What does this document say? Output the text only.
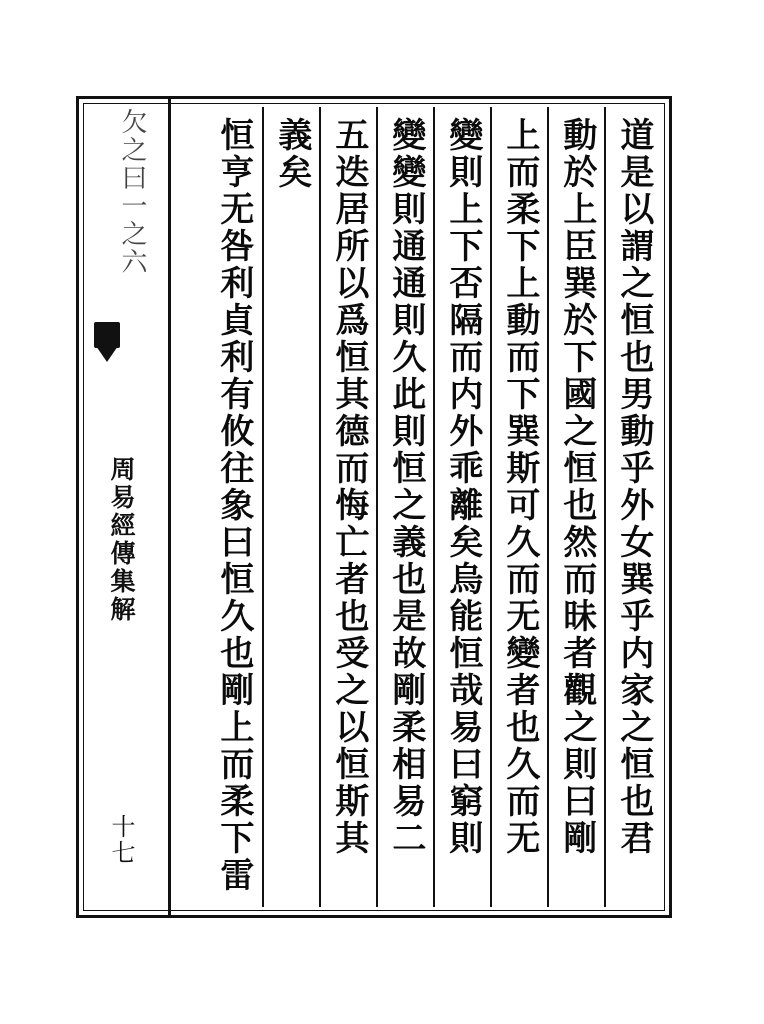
道是以謂之恒也男動乎外女巽乎内家之恒也君
動於上臣巽於下國之恒也然而昧者觀之則曰剛
上而柔下上動而下巽斯可久而无變者也久而无
變則上下否隔而内外乖離矣烏能恒哉易曰窮則
變變則通通則久此則恒之義也是故剛柔相易二
五迭居所以爲恒其德而悔亡者也受之以恒斯其
義矣
恒亨无咎利貞利有攸往象曰恒久也剛上而柔下雷
欠之曰一之六
周易經傳集解
十七
